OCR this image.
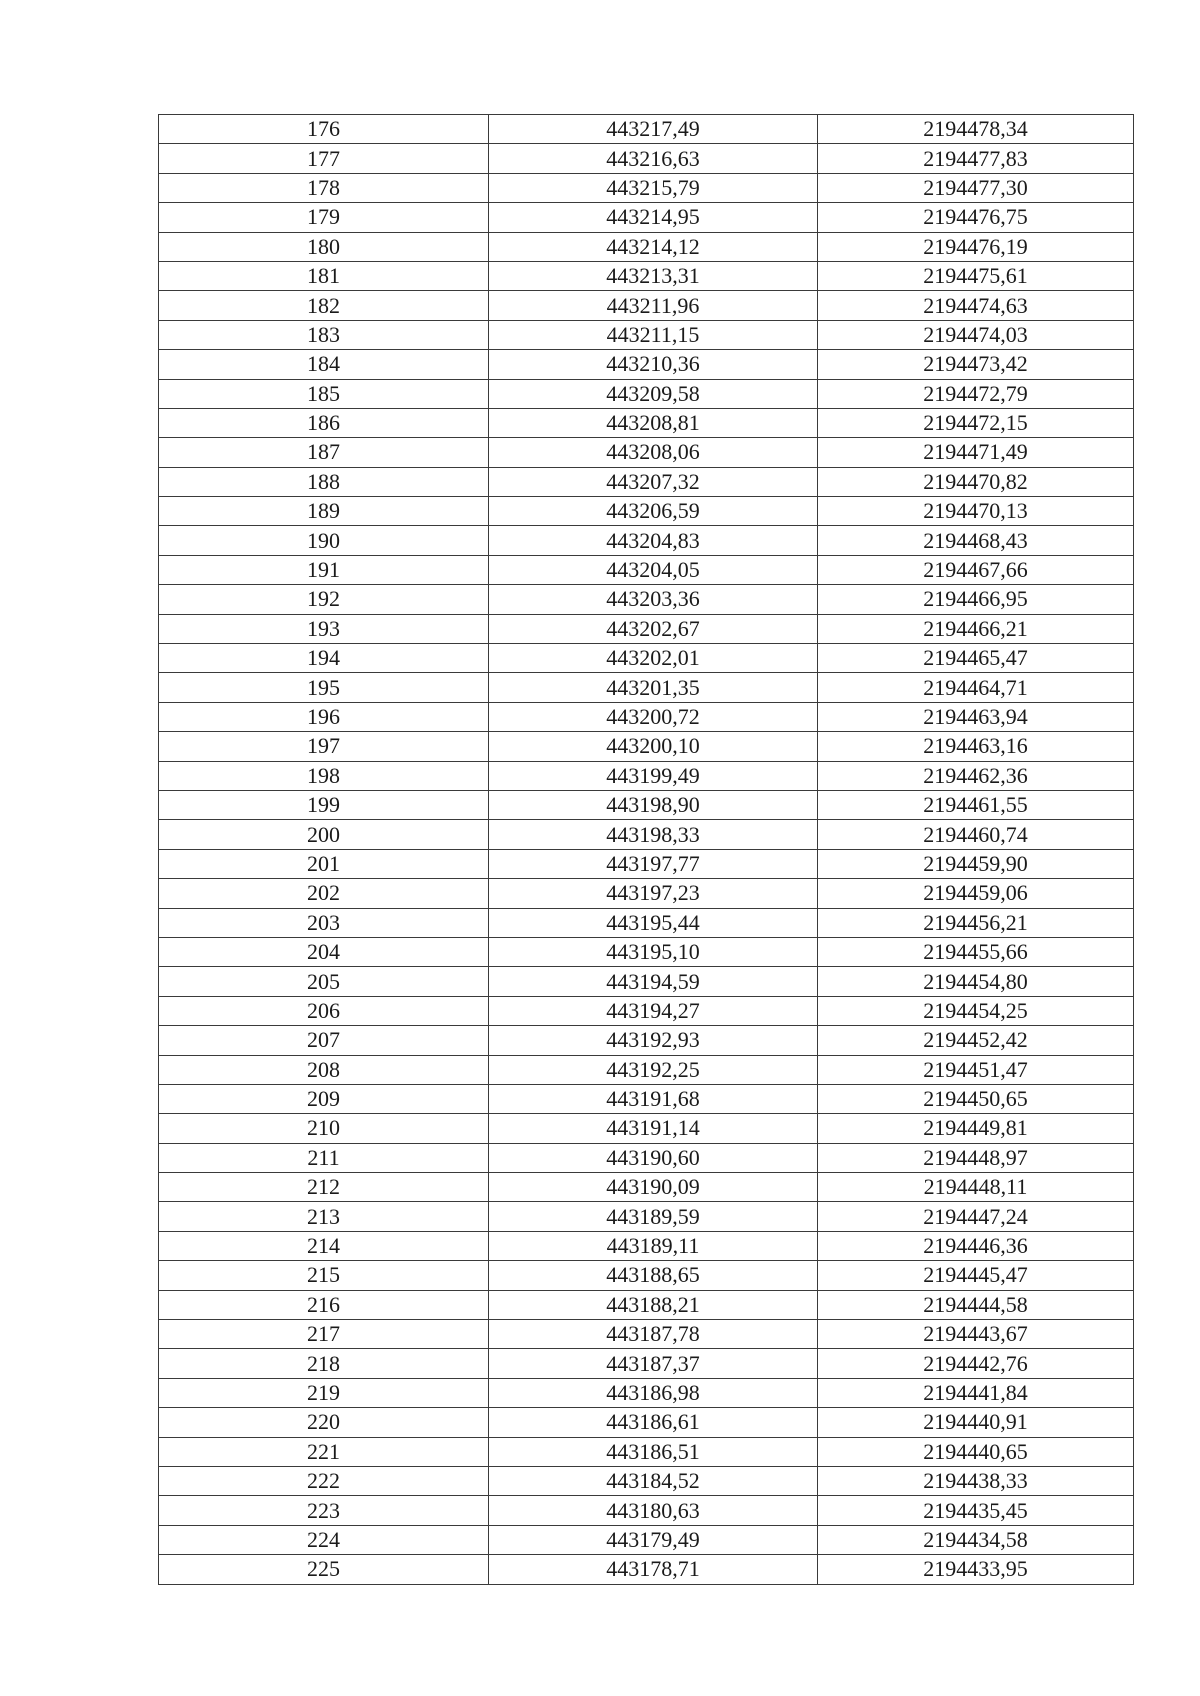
176	443217,49	2194478,34
177	443216,63	2194477,83
178	443215,79	2194477,30
179	443214,95	2194476,75
180	443214,12	2194476,19
181	443213,31	2194475,61
182	443211,96	2194474,63
183	443211,15	2194474,03
184	443210,36	2194473,42
185	443209,58	2194472,79
186	443208,81	2194472,15
187	443208,06	2194471,49
188	443207,32	2194470,82
189	443206,59	2194470,13
190	443204,83	2194468,43
191	443204,05	2194467,66
192	443203,36	2194466,95
193	443202,67	2194466,21
194	443202,01	2194465,47
195	443201,35	2194464,71
196	443200,72	2194463,94
197	443200,10	2194463,16
198	443199,49	2194462,36
199	443198,90	2194461,55
200	443198,33	2194460,74
201	443197,77	2194459,90
202	443197,23	2194459,06
203	443195,44	2194456,21
204	443195,10	2194455,66
205	443194,59	2194454,80
206	443194,27	2194454,25
207	443192,93	2194452,42
208	443192,25	2194451,47
209	443191,68	2194450,65
210	443191,14	2194449,81
211	443190,60	2194448,97
212	443190,09	2194448,11
213	443189,59	2194447,24
214	443189,11	2194446,36
215	443188,65	2194445,47
216	443188,21	2194444,58
217	443187,78	2194443,67
218	443187,37	2194442,76
219	443186,98	2194441,84
220	443186,61	2194440,91
221	443186,51	2194440,65
222	443184,52	2194438,33
223	443180,63	2194435,45
224	443179,49	2194434,58
225	443178,71	2194433,95
